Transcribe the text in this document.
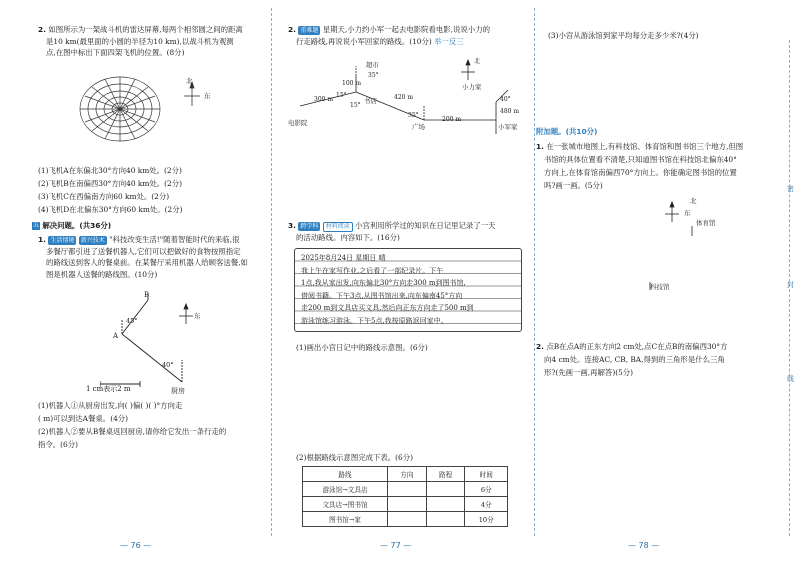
2. 如图所示为一架战斗机的雷达屏幕,每两个相邻圆之间的距离
是10 km(最里面的小圆的半径为10 km),以战斗机为观测
点,在图中标出下面四架飞机的位置。(8分)
北
东
(1)飞机A在东偏北30°方向40 km处。(2分)
(2)飞机B在南偏西30°方向40 km处。(2分)
(3)飞机C在西偏南方向60 km处。(2分)
(4)飞机D在北偏东30°方向60 km处。(2分)
五 解决问题。(共36分)
1. 生活情境 新兴技术 "科技改变生活!"随着智能时代的来临,很
多餐厅都引进了送餐机器人,它们可以把做好的食物按照指定
的路线送到客人的餐桌前。在某餐厅采用机器人给顾客送餐,如
图是机器人送餐的路线图。(10分)
B
A
45°
40°
厨房
1 cm表示2 m
东
(1)机器人①从厨房出发,向( )偏( )( )°方向走
( m)可以到达A餐桌。(4分)
(2)机器人②要从B餐桌返回厨房,请你给它发出一条行走的
指令。(6分)
— 76 —
2. 重难题 星期天,小力约小军一起去电影院看电影,说说小力的
行走路线,再说说小军回家的路线。(10分) 举一反三
超市
电影院
书店
广场
小力家
小军家
300 m
100 m
420 m
200 m
480 m
35°
15°
15°
35°
40°
北
3. 跨学科 材料阅读 小宫利用所学过的知识在日记里记录了一天
的活动路线。内容如下。(16分)
2025年8月24日 星期日 晴
我上午在家写作业,之后看了一部纪录片。下午
1点,我从家出发,向东偏北30°方向走300 m到图书馆,
借阅书籍。下午3点,从图书馆出来,向东偏南45°方向
走200 m到文具店买文具,然后向正东方向走了500 m到
游泳馆练习游泳。下午5点,我按原路返回家中。
(1)画出小宫日记中的路线示意图。(6分)
(2)根据路线示意图完成下表。(6分)
路线	方向	路程	时间
游泳馆→文具店			6分
文具店→图书馆			4分
图书馆→家			10分
— 77 —
(3)小宫从游泳馆到家平均每分走多少米?(4分)
附加题。(共10分)
1. 在一张城市地图上,有科技馆、体育馆和图书馆三个地方,但图
书馆的具体位置看不清楚,只知道图书馆在科技馆北偏东40°
方向上,在体育馆南偏西70°方向上。你能确定图书馆的位置
吗?画一画。(5分)
北
东
体育馆
科技馆
2. 点B在点A的正东方向2 cm处,点C在点B的南偏西30°方
向4 cm处。连接AC, CB, BA,得到的三角形是什么三角
形?(先画一画,再解答)(5分)
密
封
线
— 78 —
